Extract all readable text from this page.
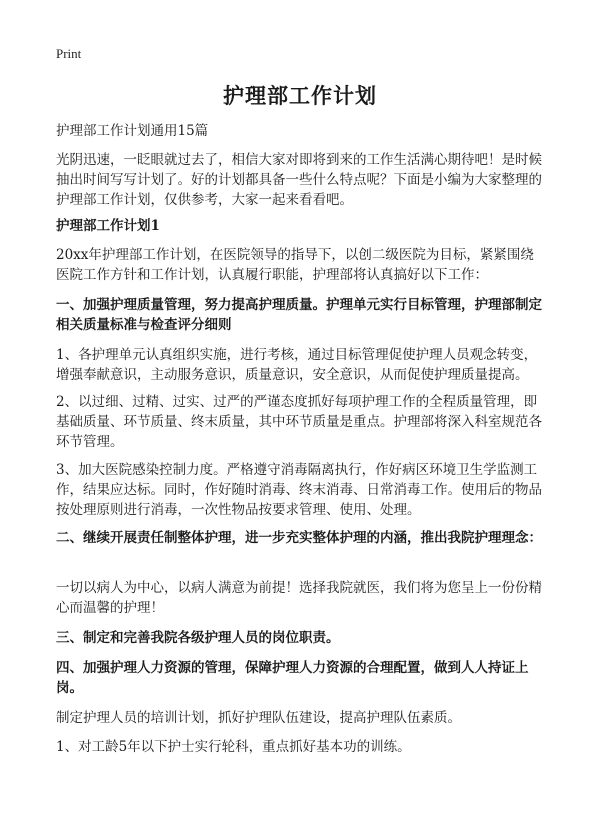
Print
护理部工作计划
护理部工作计划通用15篇
光阴迅速，一眨眼就过去了，相信大家对即将到来的工作生活满心期待吧！是时候抽出时间写写计划了。好的计划都具备一些什么特点呢？下面是小编为大家整理的护理部工作计划，仅供参考，大家一起来看看吧。
护理部工作计划1
20xx年护理部工作计划，在医院领导的指导下，以创二级医院为目标，紧紧围绕医院工作方针和工作计划，认真履行职能，护理部将认真搞好以下工作：
一、加强护理质量管理，努力提高护理质量。护理单元实行目标管理，护理部制定相关质量标准与检查评分细则
1、各护理单元认真组织实施，进行考核，通过目标管理促使护理人员观念转变，增强奉献意识，主动服务意识，质量意识，安全意识，从而促使护理质量提高。
2、以过细、过精、过实、过严的严谨态度抓好每项护理工作的全程质量管理，即基础质量、环节质量、终末质量，其中环节质量是重点。护理部将深入科室规范各环节管理。
3、加大医院感染控制力度。严格遵守消毒隔离执行，作好病区环境卫生学监测工作，结果应达标。同时，作好随时消毒、终末消毒、日常消毒工作。使用后的物品按处理原则进行消毒，一次性物品按要求管理、使用、处理。
二、继续开展责任制整体护理，进一步充实整体护理的内涵，推出我院护理理念：
一切以病人为中心，以病人满意为前提！选择我院就医，我们将为您呈上一份份精心而温馨的护理！
三、制定和完善我院各级护理人员的岗位职责。
四、加强护理人力资源的管理，保障护理人力资源的合理配置，做到人人持证上岗。
制定护理人员的培训计划，抓好护理队伍建设，提高护理队伍素质。
1、对工龄5年以下护士实行轮科，重点抓好基本功的训练。
